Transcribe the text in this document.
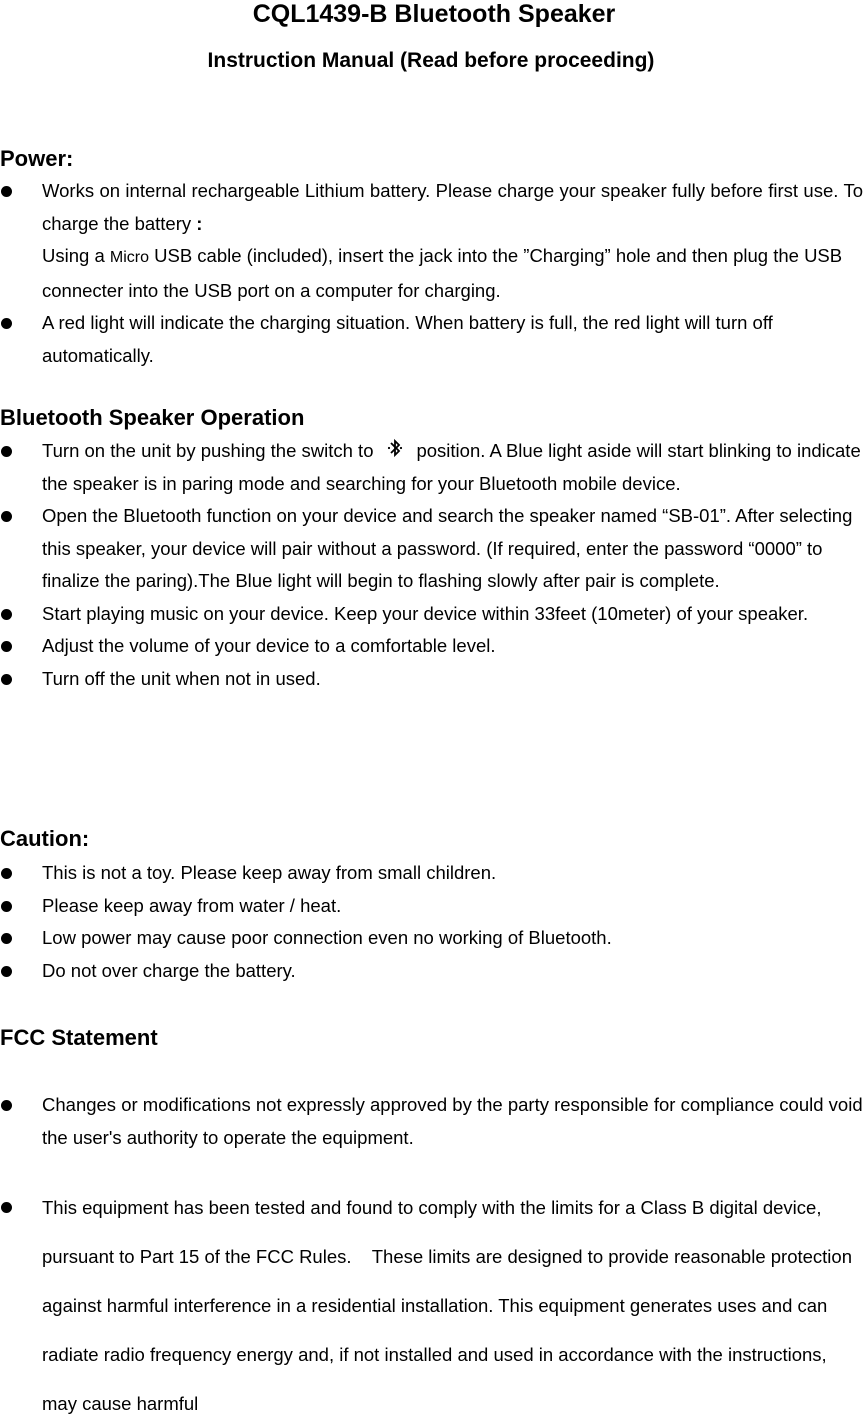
CQL1439-B Bluetooth Speaker
Instruction Manual (Read before proceeding)
Power:
Works on internal rechargeable Lithium battery. Please charge your speaker fully before first use. To charge the battery :
Using a Micro USB cable (included), insert the jack into the ”Charging” hole and then plug the USB connecter into the USB port on a computer for charging.
A red light will indicate the charging situation. When battery is full, the red light will turn off automatically.
Bluetooth Speaker Operation
Turn on the unit by pushing the switch to position. A Blue light aside will start blinking to indicate the speaker is in paring mode and searching for your Bluetooth mobile device.
Open the Bluetooth function on your device and search the speaker named “SB-01”. After selecting this speaker, your device will pair without a password. (If required, enter the password “0000” to finalize the paring).The Blue light will begin to flashing slowly after pair is complete.
Start playing music on your device. Keep your device within 33feet (10meter) of your speaker.
Adjust the volume of your device to a comfortable level.
Turn off the unit when not in used.
Caution:
This is not a toy. Please keep away from small children.
Please keep away from water / heat.
Low power may cause poor connection even no working of Bluetooth.
Do not over charge the battery.
FCC Statement
Changes or modifications not expressly approved by the party responsible for compliance could void the user's authority to operate the equipment.
This equipment has been tested and found to comply with the limits for a Class B digital device, pursuant to Part 15 of the FCC Rules.    These limits are designed to provide reasonable protection against harmful interference in a residential installation. This equipment generates uses and can radiate radio frequency energy and, if not installed and used in accordance with the instructions, may cause harmful
